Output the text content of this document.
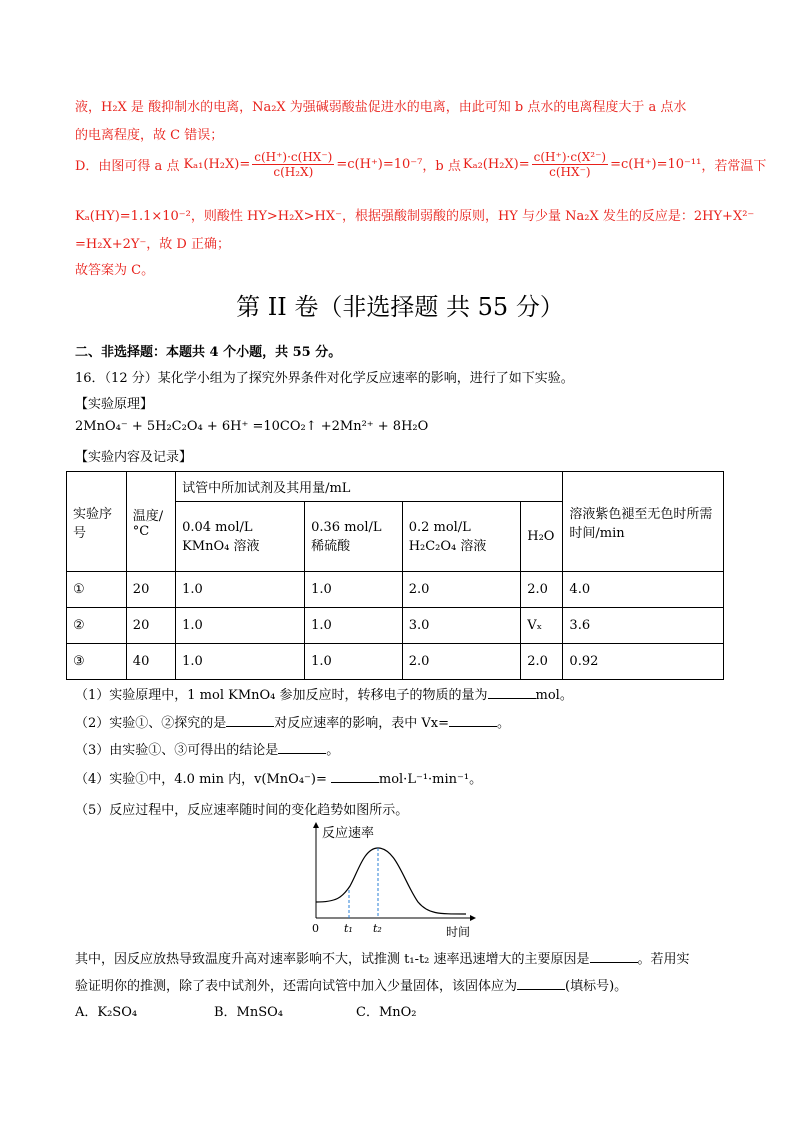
液，H₂X 是 酸抑制水的电离，Na₂X 为强碱弱酸盐促进水的电离，由此可知 b 点水的电离程度大于 a 点水
的电离程度，故 C 错误；
D．由图可得 a 点 $K_{a1}(H_2X)= \frac{c(H^+)\cdot c(HX^-)}{\text{c(H₂X)}} =c(H^+)=10^{-7}$ ，b 点 $K_{a2}(H_2X)= \frac{\text{c(H⁺)·c(X²⁻)}}{c(HX^-)} =c(H^+)=10^{-11}$ ，若常温下
Kₐ(HY)=1.1×10⁻²，则酸性 HY>H₂X>HX⁻，根据强酸制弱酸的原则，HY 与少量 Na₂X 发生的反应是：2HY+X²⁻
=H₂X+2Y⁻，故 D 正确；
故答案为 C。
第 II 卷（非选择题 共 55 分）
二、非选择题：本题共 4 个小题，共 55 分。
16．（12 分）某化学小组为了探究外界条件对化学反应速率的影响，进行了如下实验。
【实验原理】
2MnO₄⁻ + 5H₂C₂O₄ + 6H⁺ =10CO₂↑ +2Mn²⁺ + 8H₂O
【实验内容及记录】
实验序号	温度/°C	试管中所加试剂及其用量/mL				溶液紫色褪至无色时所需时间/min
		0.04 mol/L KMnO₄ 溶液	0.36 mol/L 稀硫酸	0.2 mol/L H₂C₂O₄ 溶液	H₂O	
①	20	1.0	1.0	2.0	2.0	4.0
②	20	1.0	1.0	3.0	Vₓ	3.6
③	40	1.0	1.0	2.0	2.0	0.92
（1）实验原理中，1 mol KMnO₄ 参加反应时，转移电子的物质的量为	mol。
（2）实验①、②探究的是	对反应速率的影响，表中 Vx=	。
（3）由实验①、③可得出的结论是	。
（4）实验①中，4.0 min 内，v(MnO₄⁻)=	mol·L⁻¹·min⁻¹。
（5）反应过程中，反应速率随时间的变化趋势如图所示。
反应速率
0 t₁ t₂	时间
其中，因反应放热导致温度升高对速率影响不大，试推测 t₁-t₂ 速率迅速增大的主要原因是	。若用实
验证明你的推测，除了表中试剂外，还需向试管中加入少量固体，该固体应为	(填标号)。
A．K₂SO₄	B．MnSO₄	C．MnO₂
